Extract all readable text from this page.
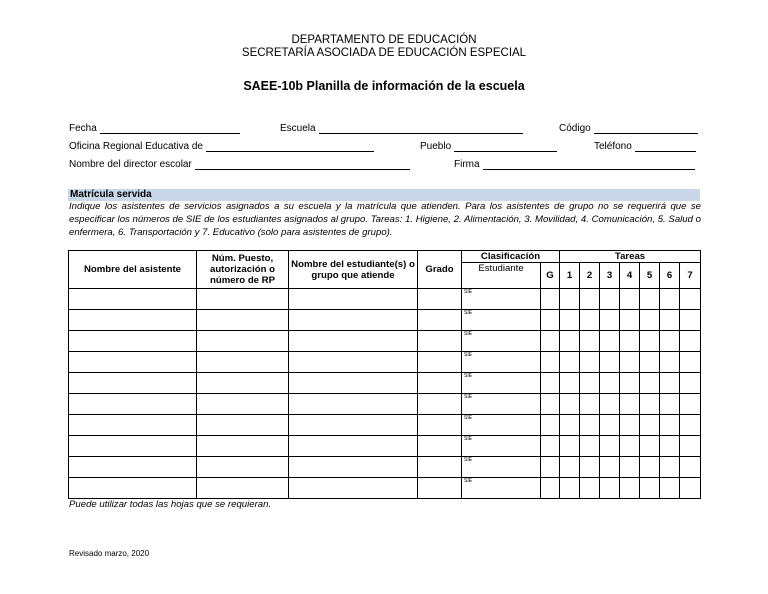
DEPARTAMENTO DE EDUCACIÓN
SECRETARÍA ASOCIADA DE EDUCACIÓN ESPECIAL
SAEE-10b Planilla de información de la escuela
Fecha	Escuela	Código
Oficina Regional Educativa de	Pueblo	Teléfono
Nombre del director escolar	Firma
Matrícula servida
Indique los asistentes de servicios asignados a su escuela y la matrícula que atienden. Para los asistentes de grupo no se requerirá que se especificar los números de SIE de los estudiantes asignados al grupo. Tareas: 1. Higiene, 2. Alimentación, 3. Movilidad, 4. Comunicación, 5. Salud o enfermera, 6. Transportación y 7. Educativo (solo para asistentes de grupo).
Nombre del asistente	Núm. Puesto, autorización o número de RP	Nombre del estudiante(s) o grupo que atiende	Grado	Clasificación		Tareas						
				Estudiante	G	1	2	3	4	5	6	7

				SIE								

				SIE								

				SIE								

				SIE								

				SIE								

				SIE								

				SIE								

				SIE								

				SIE								

				SIE								

Puede utilizar todas las hojas que se requieran.
Revisado marzo, 2020
